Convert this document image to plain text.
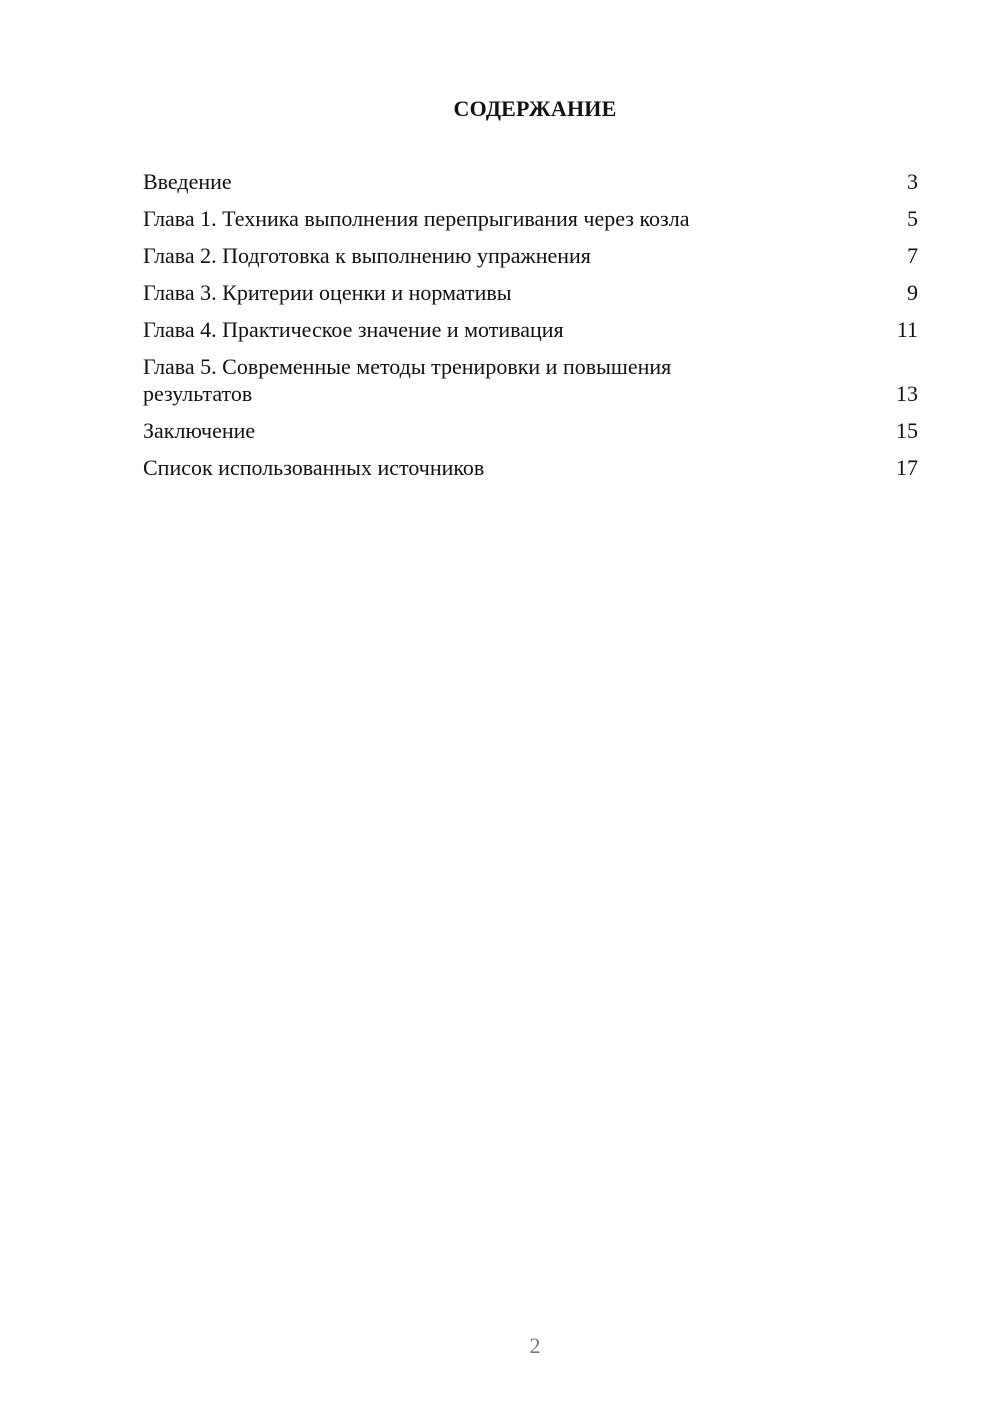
СОДЕРЖАНИЕ
Введение	3
Глава 1. Техника выполнения перепрыгивания через козла	5
Глава 2. Подготовка к выполнению упражнения	7
Глава 3. Критерии оценки и нормативы	9
Глава 4. Практическое значение и мотивация	11
Глава 5. Современные методы тренировки и повышения результатов	13
Заключение	15
Список использованных источников	17
2
